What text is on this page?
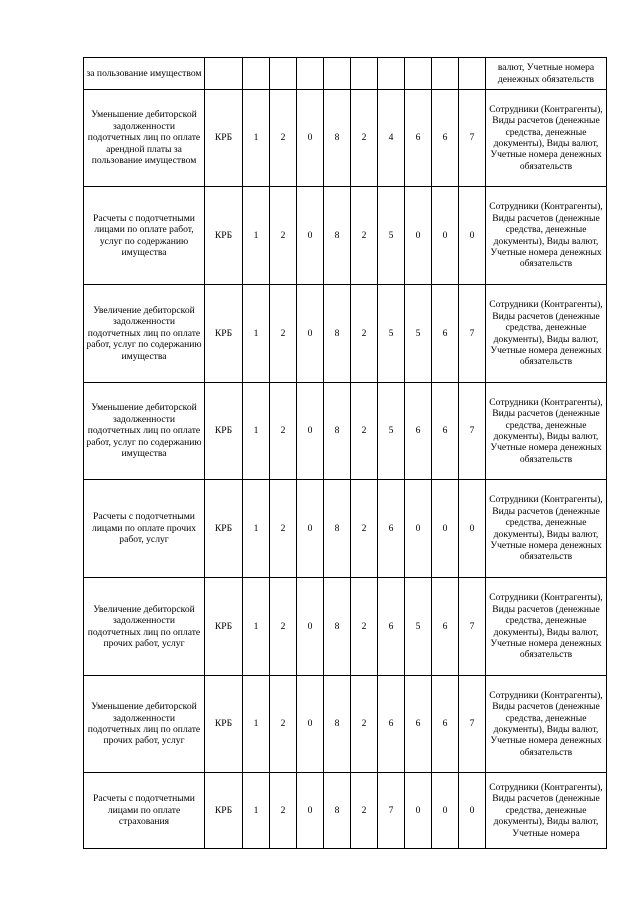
за пользование имуществом											валют, Учетные номера денежных обязательств
Уменьшение дебиторской задолженности подотчетных лиц по оплате арендной платы за пользование имуществом	КРБ	1	2	0	8	2	4	6	6	7	Сотрудники (Контрагенты), Виды расчетов (денежные средства, денежные документы), Виды валют, Учетные номера денежных обязательств
Расчеты с подотчетными лицами по оплате работ, услуг по содержанию имущества	КРБ	1	2	0	8	2	5	0	0	0	Сотрудники (Контрагенты), Виды расчетов (денежные средства, денежные документы), Виды валют, Учетные номера денежных обязательств
Увеличение дебиторской задолженности подотчетных лиц по оплате работ, услуг по содержанию имущества	КРБ	1	2	0	8	2	5	5	6	7	Сотрудники (Контрагенты), Виды расчетов (денежные средства, денежные документы), Виды валют, Учетные номера денежных обязательств
Уменьшение дебиторской задолженности подотчетных лиц по оплате работ, услуг по содержанию имущества	КРБ	1	2	0	8	2	5	6	6	7	Сотрудники (Контрагенты), Виды расчетов (денежные средства, денежные документы), Виды валют, Учетные номера денежных обязательств
Расчеты с подотчетными лицами по оплате прочих работ, услуг	КРБ	1	2	0	8	2	6	0	0	0	Сотрудники (Контрагенты), Виды расчетов (денежные средства, денежные документы), Виды валют, Учетные номера денежных обязательств
Увеличение дебиторской задолженности подотчетных лиц по оплате прочих работ, услуг	КРБ	1	2	0	8	2	6	5	6	7	Сотрудники (Контрагенты), Виды расчетов (денежные средства, денежные документы), Виды валют, Учетные номера денежных обязательств
Уменьшение дебиторской задолженности подотчетных лиц по оплате прочих работ, услуг	КРБ	1	2	0	8	2	6	6	6	7	Сотрудники (Контрагенты), Виды расчетов (денежные средства, денежные документы), Виды валют, Учетные номера денежных обязательств
Расчеты с подотчетными лицами по оплате страхования	КРБ	1	2	0	8	2	7	0	0	0	Сотрудники (Контрагенты), Виды расчетов (денежные средства, денежные документы), Виды валют, Учетные номера
